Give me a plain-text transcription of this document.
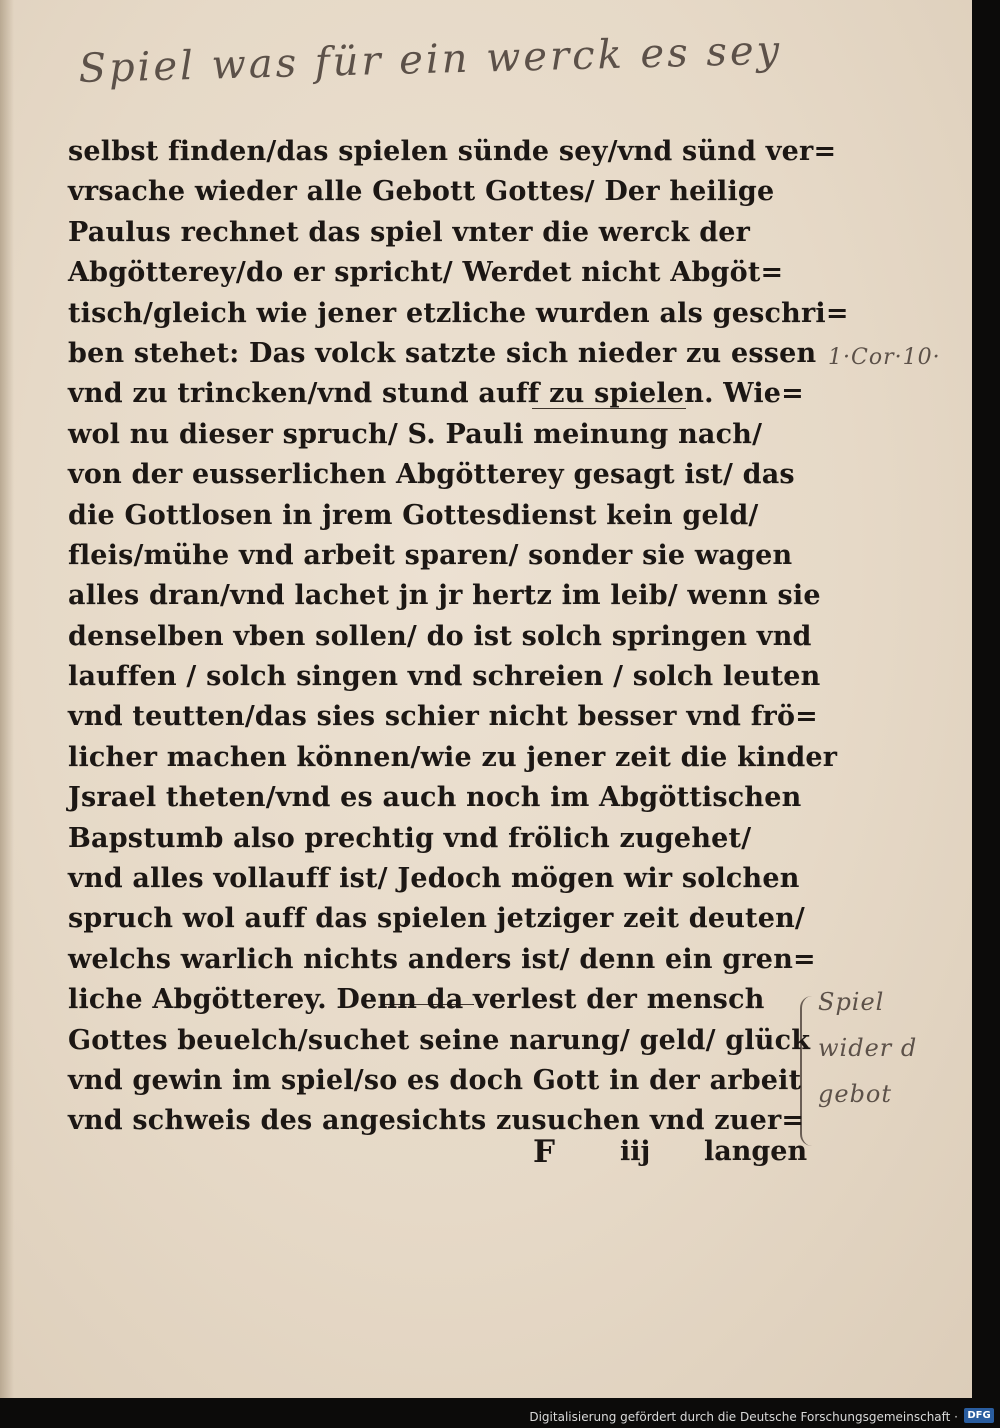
Spiel was für ein werck es sey
1·Cor·10·
Spiel
wider d
gebot
selbst finden/das spielen sünde sey/vnd sünd ver=
vrsache wieder alle Gebott Gottes/ Der heilige
Paulus rechnet das spiel vnter die werck der
Abgötterey/do er spricht/ Werdet nicht Abgöt=
tisch/gleich wie jener etzliche wurden als geschri=
ben stehet: Das volck satzte sich nieder zu essen
vnd zu trincken/vnd stund auff zu spielen. Wie=
wol nu dieser spruch/ S. Pauli meinung nach/
von der eusserlichen Abgötterey gesagt ist/ das
die Gottlosen in jrem Gottesdienst kein geld/
fleis/mühe vnd arbeit sparen/ sonder sie wagen
alles dran/vnd lachet jn jr hertz im leib/ wenn sie
denselben vben sollen/ do ist solch springen vnd
lauffen / solch singen vnd schreien / solch leuten
vnd teutten/das sies schier nicht besser vnd frö=
licher machen können/wie zu jener zeit die kinder
Jsrael theten/vnd es auch noch im Abgöttischen
Bapstumb also prechtig vnd frölich zugehet/
vnd alles vollauff ist/ Jedoch mögen wir solchen
spruch wol auff das spielen jetziger zeit deuten/
welchs warlich nichts anders ist/ denn ein gren=
liche Abgötterey. Denn da verlest der mensch
Gottes beuelch/suchet seine narung/ geld/ glück
vnd gewin im spiel/so es doch Gott in der arbeit
vnd schweis des angesichts zusuchen vnd zuer=
F iij langen
Digitalisierung gefördert durch die Deutsche Forschungsgemeinschaft · DFG
